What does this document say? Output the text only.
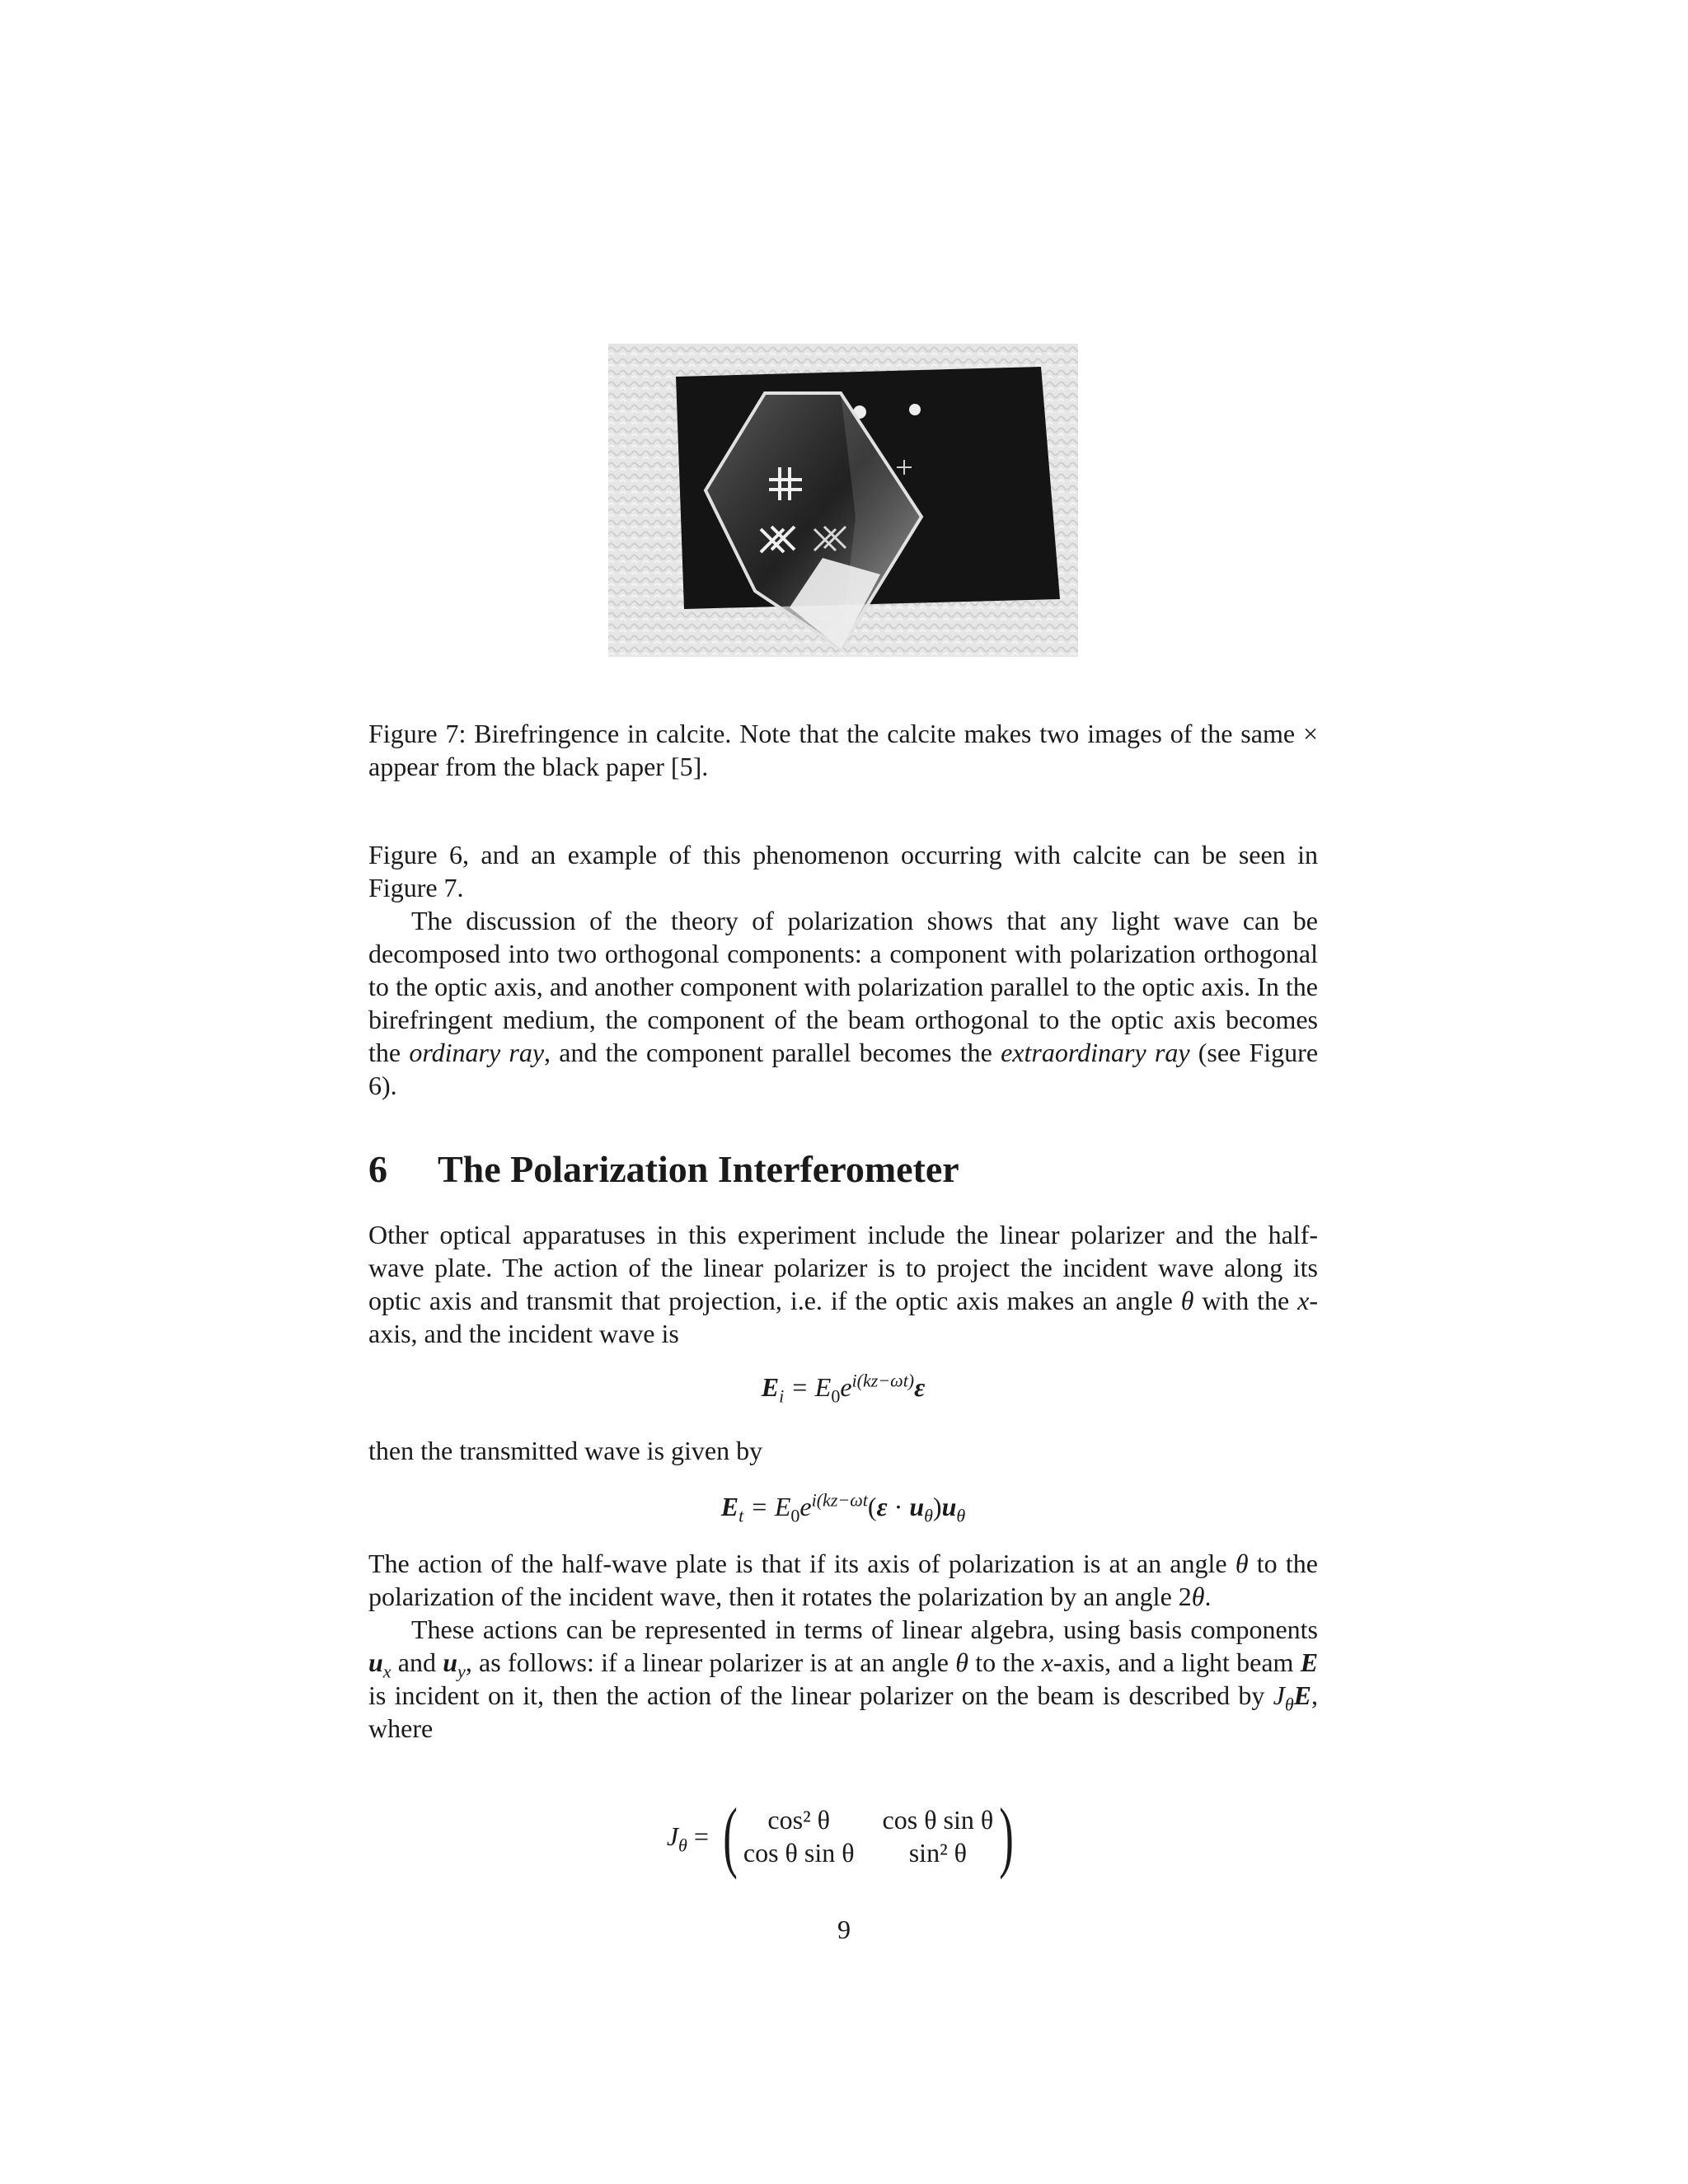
Figure 7: Birefringence in calcite. Note that the calcite makes two images of the same × appear from the black paper [5].

Figure 6, and an example of this phenomenon occurring with calcite can be seen in Figure 7.

The discussion of the theory of polarization shows that any light wave can be decomposed into two orthogonal components: a component with polarization orthogonal to the optic axis, and another component with polarization parallel to the optic axis. In the birefringent medium, the component of the beam orthogonal to the optic axis becomes the ordinary ray, and the component parallel becomes the extraordinary ray (see Figure 6).

6 The Polarization Interferometer

Other optical apparatuses in this experiment include the linear polarizer and the half-wave plate. The action of the linear polarizer is to project the incident wave along its optic axis and transmit that projection, i.e. if the optic axis makes an angle θ with the x-axis, and the incident wave is

$E_i = E_0e^{i(kz-\omega t)}\varepsilon$

then the transmitted wave is given by

$E_t = E_0e^{i(kz-\omega t}(\varepsilon \cdot u_\theta)u_\theta$

The action of the half-wave plate is that if its axis of polarization is at an angle θ to the polarization of the incident wave, then it rotates the polarization by an angle 2θ.

These actions can be represented in terms of linear algebra, using basis components $u_x$ and $u_y$, as follows: if a linear polarizer is at an angle θ to the x-axis, and a light beam E is incident on it, then the action of the linear polarizer on the beam is described by $J_\theta E$, where

$J_\theta$ = (	cos² θ	cos θ sin θ
cos θ sin θ	sin² θ )
9
